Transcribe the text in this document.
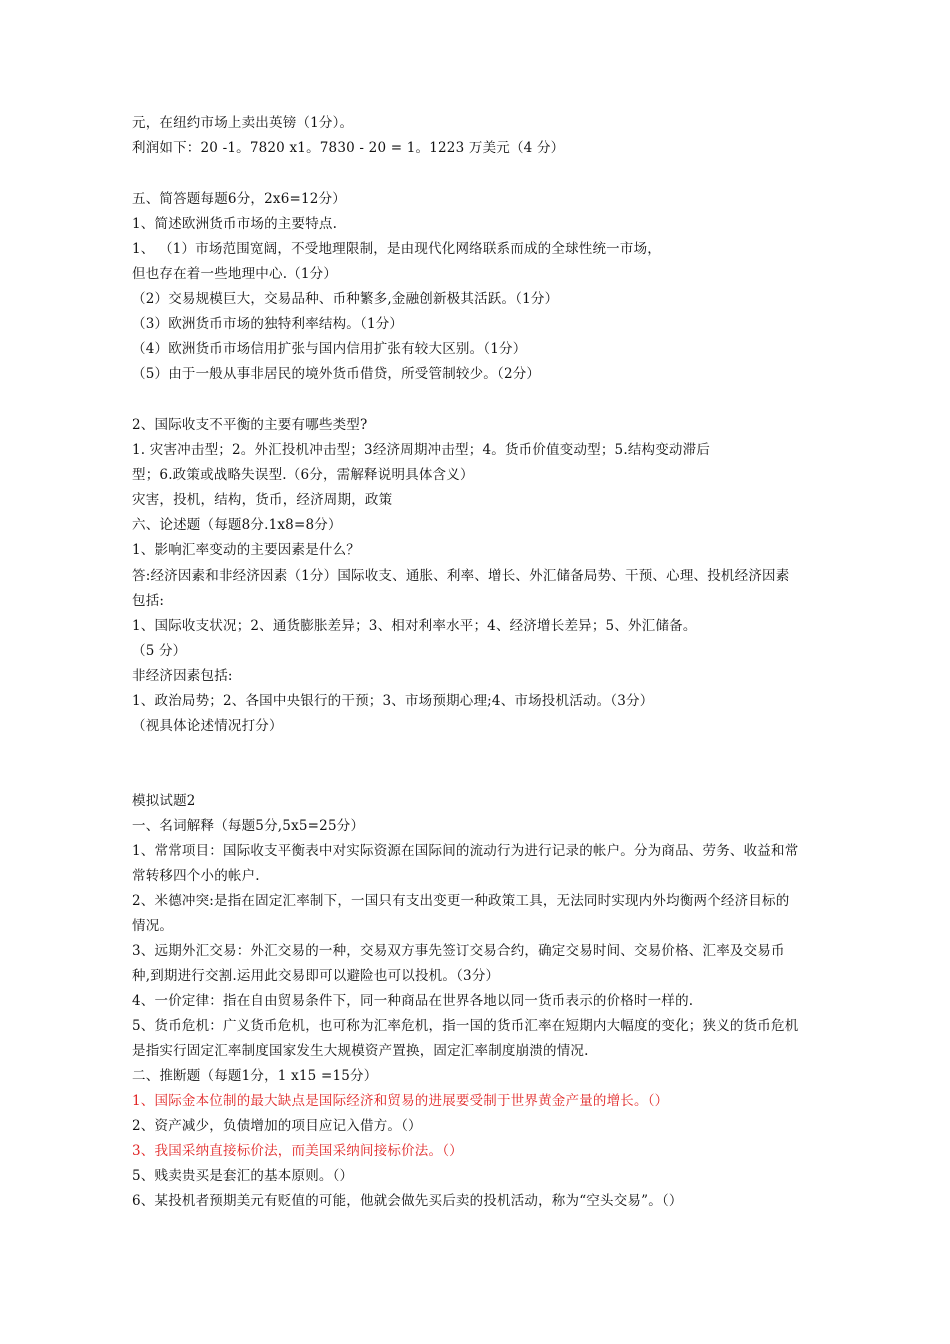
元，在纽约市场上卖出英镑（1分）。
利润如下：20 -1。7820 x1。7830 - 20 = 1。1223 万美元（4 分）
五、简答题每题6分，2x6=12分）
1、简述欧洲货币市场的主要特点.
1、 （1）市场范围宽阔，不受地理限制，是由现代化网络联系而成的全球性统一市场，
但也存在着一些地理中心.（1分）
（2）交易规模巨大，交易品种、币种繁多,金融创新极其活跃。（1分）
（3）欧洲货币市场的独特利率结构。（1分）
（4）欧洲货币市场信用扩张与国内信用扩张有较大区别。（1分）
（5）由于一般从事非居民的境外货币借贷，所受管制较少。（2分）
2、国际收支不平衡的主要有哪些类型?
1. 灾害冲击型；2。外汇投机冲击型；3经济周期冲击型；4。货币价值变动型；5.结构变动滞后
型；6.政策或战略失误型.（6分，需解释说明具体含义）
灾害，投机，结构，货币，经济周期，政策
六、论述题（每题8分.1x8=8分）
1、影响汇率变动的主要因素是什么？
答:经济因素和非经济因素（1分）国际收支、通胀、利率、增长、外汇储备局势、干预、心理、投机经济因素
包括:
1、国际收支状况；2、通货膨胀差异；3、相对利率水平；4、经济增长差异；5、外汇储备。
（5 分）
非经济因素包括:
1、政治局势；2、各国中央银行的干预；3、市场预期心理;4、市场投机活动。（3分）
（视具体论述情况打分）
模拟试题2
一、名词解释（每题5分,5x5=25分）
1、常常项目：国际收支平衡表中对实际资源在国际间的流动行为进行记录的帐户。分为商品、劳务、收益和常
常转移四个小的帐户.
2、米德冲突:是指在固定汇率制下，一国只有支出变更一种政策工具，无法同时实现内外均衡两个经济目标的
情况。
3、远期外汇交易：外汇交易的一种，交易双方事先签订交易合约，确定交易时间、交易价格、汇率及交易币
种,到期进行交割.运用此交易即可以避险也可以投机。（3分）
4、一价定律：指在自由贸易条件下，同一种商品在世界各地以同一货币表示的价格时一样的.
5、货币危机：广义货币危机，也可称为汇率危机，指一国的货币汇率在短期内大幅度的变化；狭义的货币危机
是指实行固定汇率制度国家发生大规模资产置换，固定汇率制度崩溃的情况.
二、推断题（每题1分，1 x15 =15分）
1、国际金本位制的最大缺点是国际经济和贸易的进展要受制于世界黄金产量的增长。（）
2、资产减少，负债增加的项目应记入借方。（）
3、我国采纳直接标价法，而美国采纳间接标价法。（）
5、贱卖贵买是套汇的基本原则。（）
6、某投机者预期美元有贬值的可能，他就会做先买后卖的投机活动，称为“空头交易”。（）
